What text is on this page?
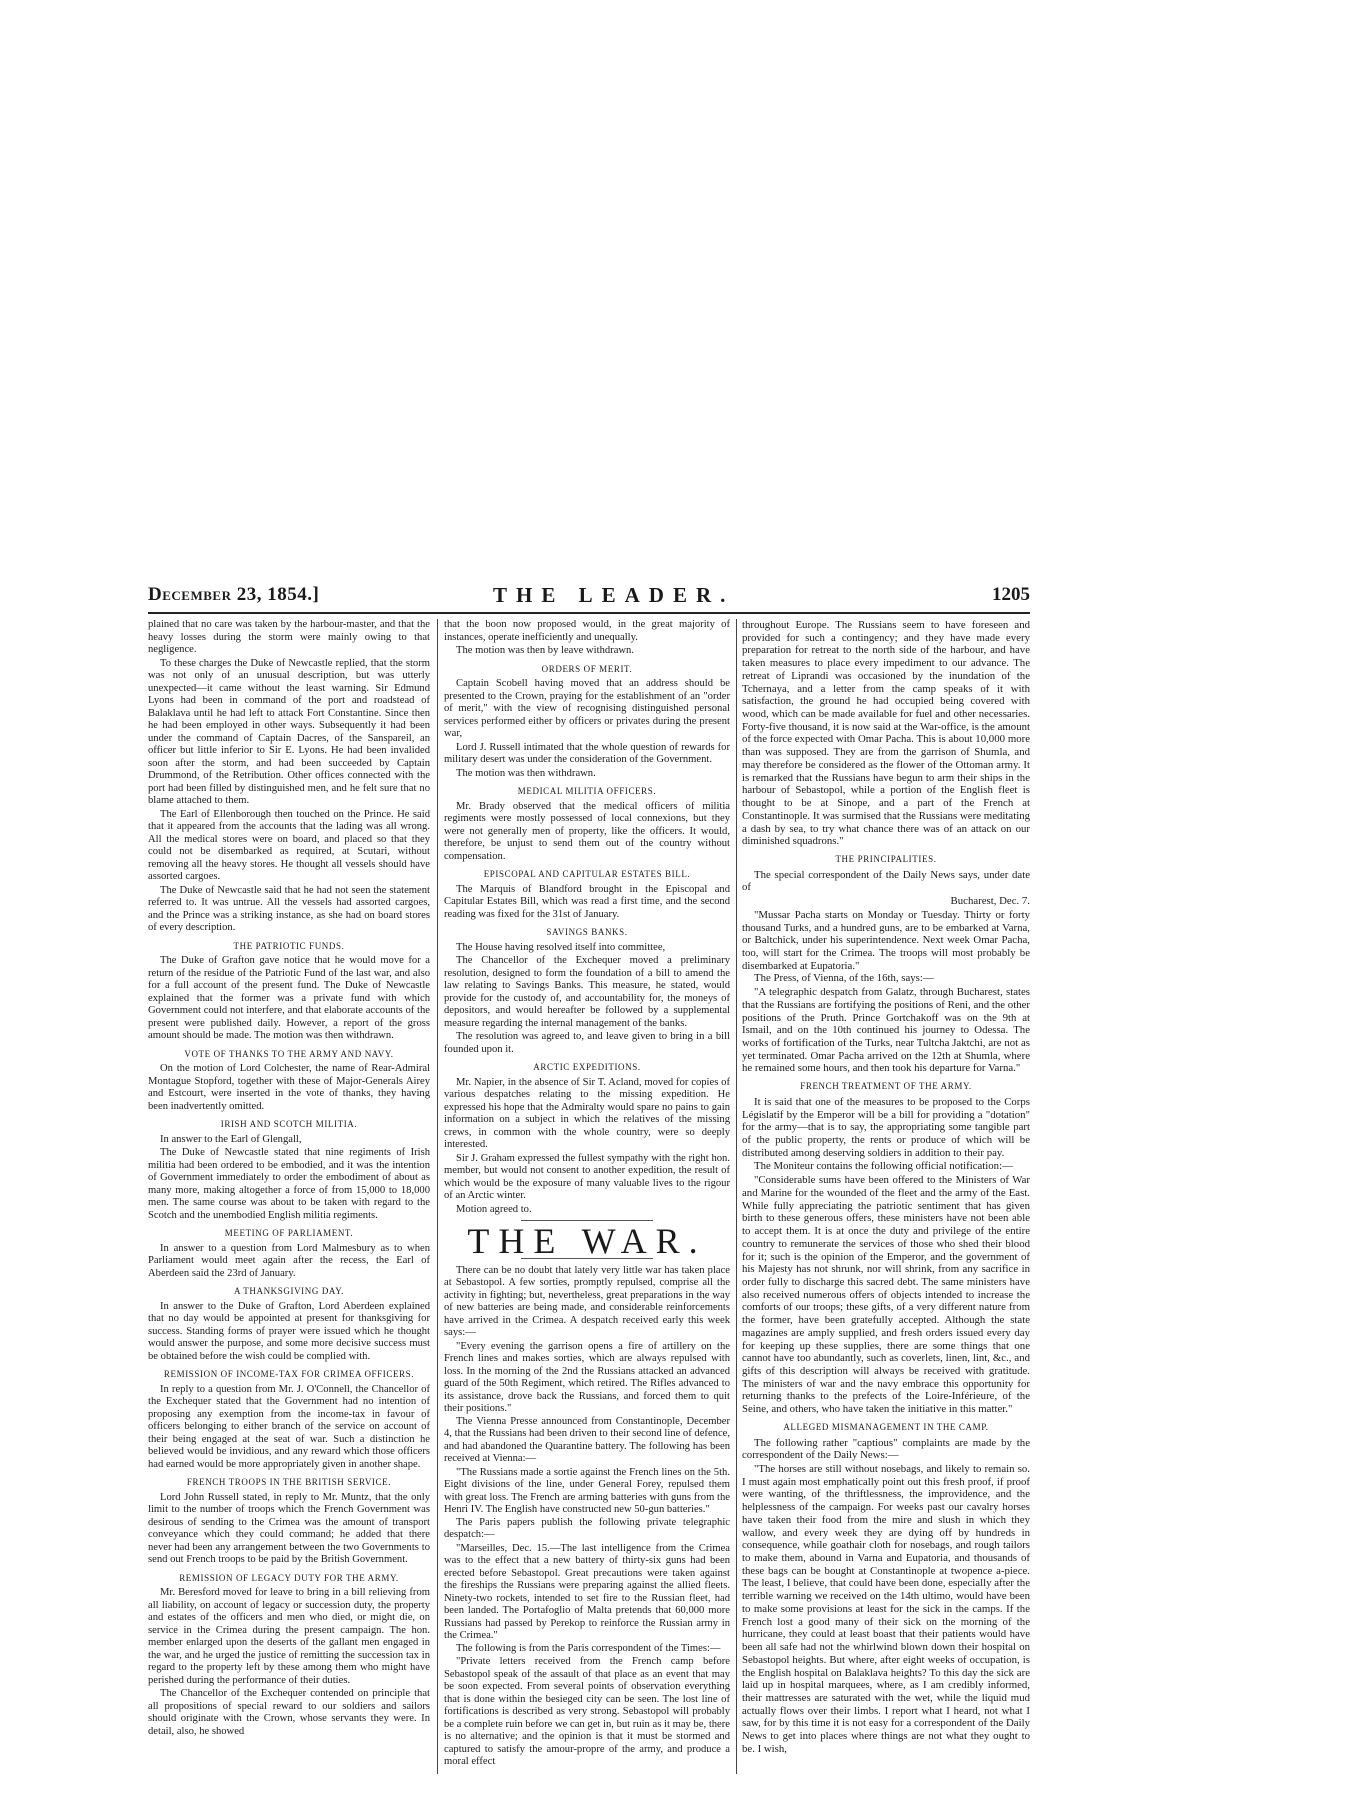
December 23, 1854.]	THE LEADER.	1205

plained that no care was taken by the harbour-master, and that the heavy losses during the storm were mainly owing to that negligence.

To these charges the Duke of Newcastle replied, that the storm was not only of an unusual description, but was utterly unexpected—it came without the least warning. Sir Edmund Lyons had been in command of the port and roadstead of Balaklava until he had left to attack Fort Constantine. Since then he had been employed in other ways. Subsequently it had been under the command of Captain Dacres, of the Sanspareil, an officer but little inferior to Sir E. Lyons. He had been invalided soon after the storm, and had been succeeded by Captain Drummond, of the Retribution. Other offices connected with the port had been filled by distinguished men, and he felt sure that no blame attached to them.

The Earl of Ellenborough then touched on the Prince. He said that it appeared from the accounts that the lading was all wrong. All the medical stores were on board, and placed so that they could not be disembarked as required, at Scutari, without removing all the heavy stores. He thought all vessels should have assorted cargoes.

The Duke of Newcastle said that he had not seen the statement referred to. It was untrue. All the vessels had assorted cargoes, and the Prince was a striking instance, as she had on board stores of every description.

THE PATRIOTIC FUNDS.

The Duke of Grafton gave notice that he would move for a return of the residue of the Patriotic Fund of the last war, and also for a full account of the present fund. The Duke of Newcastle explained that the former was a private fund with which Government could not interfere, and that elaborate accounts of the present were published daily. However, a report of the gross amount should be made. The motion was then withdrawn.

VOTE OF THANKS TO THE ARMY AND NAVY.

On the motion of Lord Colchester, the name of Rear-Admiral Montague Stopford, together with these of Major-Generals Airey and Estcourt, were inserted in the vote of thanks, they having been inadvertently omitted.

IRISH AND SCOTCH MILITIA.

In answer to the Earl of Glengall,

The Duke of Newcastle stated that nine regiments of Irish militia had been ordered to be embodied, and it was the intention of Government immediately to order the embodiment of about as many more, making altogether a force of from 15,000 to 18,000 men. The same course was about to be taken with regard to the Scotch and the unembodied English militia regiments.

MEETING OF PARLIAMENT.

In answer to a question from Lord Malmesbury as to when Parliament would meet again after the recess, the Earl of Aberdeen said the 23rd of January.

A THANKSGIVING DAY.

In answer to the Duke of Grafton, Lord Aberdeen explained that no day would be appointed at present for thanksgiving for success. Standing forms of prayer were issued which he thought would answer the purpose, and some more decisive success must be obtained before the wish could be complied with.

REMISSION OF INCOME-TAX FOR CRIMEA OFFICERS.

In reply to a question from Mr. J. O'Connell, the Chancellor of the Exchequer stated that the Government had no intention of proposing any exemption from the income-tax in favour of officers belonging to either branch of the service on account of their being engaged at the seat of war. Such a distinction he believed would be invidious, and any reward which those officers had earned would be more appropriately given in another shape.

FRENCH TROOPS IN THE BRITISH SERVICE.

Lord John Russell stated, in reply to Mr. Muntz, that the only limit to the number of troops which the French Government was desirous of sending to the Crimea was the amount of transport conveyance which they could command; he added that there never had been any arrangement between the two Governments to send out French troops to be paid by the British Government.

REMISSION OF LEGACY DUTY FOR THE ARMY.

Mr. Beresford moved for leave to bring in a bill relieving from all liability, on account of legacy or succession duty, the property and estates of the officers and men who died, or might die, on service in the Crimea during the present campaign. The hon. member enlarged upon the deserts of the gallant men engaged in the war, and he urged the justice of remitting the succession tax in regard to the property left by these among them who might have perished during the performance of their duties.

The Chancellor of the Exchequer contended on principle that all propositions of special reward to our soldiers and sailors should originate with the Crown, whose servants they were. In detail, also, he showed

that the boon now proposed would, in the great majority of instances, operate inefficiently and unequally.

The motion was then by leave withdrawn.

ORDERS OF MERIT.

Captain Scobell having moved that an address should be presented to the Crown, praying for the establishment of an "order of merit," with the view of recognising distinguished personal services performed either by officers or privates during the present war,

Lord J. Russell intimated that the whole question of rewards for military desert was under the consideration of the Government.

The motion was then withdrawn.

MEDICAL MILITIA OFFICERS.

Mr. Brady observed that the medical officers of militia regiments were mostly possessed of local connexions, but they were not generally men of property, like the officers. It would, therefore, be unjust to send them out of the country without compensation.

EPISCOPAL AND CAPITULAR ESTATES BILL.

The Marquis of Blandford brought in the Episcopal and Capitular Estates Bill, which was read a first time, and the second reading was fixed for the 31st of January.

SAVINGS BANKS.

The House having resolved itself into committee,

The Chancellor of the Exchequer moved a preliminary resolution, designed to form the foundation of a bill to amend the law relating to Savings Banks. This measure, he stated, would provide for the custody of, and accountability for, the moneys of depositors, and would hereafter be followed by a supplemental measure regarding the internal management of the banks.

The resolution was agreed to, and leave given to bring in a bill founded upon it.

ARCTIC EXPEDITIONS.

Mr. Napier, in the absence of Sir T. Acland, moved for copies of various despatches relating to the missing expedition. He expressed his hope that the Admiralty would spare no pains to gain information on a subject in which the relatives of the missing crews, in common with the whole country, were so deeply interested.

Sir J. Graham expressed the fullest sympathy with the right hon. member, but would not consent to another expedition, the result of which would be the exposure of many valuable lives to the rigour of an Arctic winter.

Motion agreed to.

THE WAR.

There can be no doubt that lately very little war has taken place at Sebastopol. A few sorties, promptly repulsed, comprise all the activity in fighting; but, nevertheless, great preparations in the way of new batteries are being made, and considerable reinforcements have arrived in the Crimea. A despatch received early this week says:—

"Every evening the garrison opens a fire of artillery on the French lines and makes sorties, which are always repulsed with loss. In the morning of the 2nd the Russians attacked an advanced guard of the 50th Regiment, which retired. The Rifles advanced to its assistance, drove back the Russians, and forced them to quit their positions."

The Vienna Presse announced from Constantinople, December 4, that the Russians had been driven to their second line of defence, and had abandoned the Quarantine battery. The following has been received at Vienna:—

"The Russians made a sortie against the French lines on the 5th. Eight divisions of the line, under General Forey, repulsed them with great loss. The French are arming batteries with guns from the Henri IV. The English have constructed new 50-gun batteries."

The Paris papers publish the following private telegraphic despatch:—

"Marseilles, Dec. 15.—The last intelligence from the Crimea was to the effect that a new battery of thirty-six guns had been erected before Sebastopol. Great precautions were taken against the fireships the Russians were preparing against the allied fleets. Ninety-two rockets, intended to set fire to the Russian fleet, had been landed. The Portafoglio of Malta pretends that 60,000 more Russians had passed by Perekop to reinforce the Russian army in the Crimea."

The following is from the Paris correspondent of the Times:—

"Private letters received from the French camp before Sebastopol speak of the assault of that place as an event that may be soon expected. From several points of observation everything that is done within the besieged city can be seen. The lost line of fortifications is described as very strong. Sebastopol will probably be a complete ruin before we can get in, but ruin as it may be, there is no alternative; and the opinion is that it must be stormed and captured to satisfy the amour-propre of the army, and produce a moral effect

throughout Europe. The Russians seem to have foreseen and provided for such a contingency; and they have made every preparation for retreat to the north side of the harbour, and have taken measures to place every impediment to our advance. The retreat of Liprandi was occasioned by the inundation of the Tchernaya, and a letter from the camp speaks of it with satisfaction, the ground he had occupied being covered with wood, which can be made available for fuel and other necessaries. Forty-five thousand, it is now said at the War-office, is the amount of the force expected with Omar Pacha. This is about 10,000 more than was supposed. They are from the garrison of Shumla, and may therefore be considered as the flower of the Ottoman army. It is remarked that the Russians have begun to arm their ships in the harbour of Sebastopol, while a portion of the English fleet is thought to be at Sinope, and a part of the French at Constantinople. It was surmised that the Russians were meditating a dash by sea, to try what chance there was of an attack on our diminished squadrons."

THE PRINCIPALITIES.

The special correspondent of the Daily News says, under date of

Bucharest, Dec. 7.

"Mussar Pacha starts on Monday or Tuesday. Thirty or forty thousand Turks, and a hundred guns, are to be embarked at Varna, or Baltchick, under his superintendence. Next week Omar Pacha, too, will start for the Crimea. The troops will most probably be disembarked at Eupatoria."

The Press, of Vienna, of the 16th, says:—

"A telegraphic despatch from Galatz, through Bucharest, states that the Russians are fortifying the positions of Reni, and the other positions of the Pruth. Prince Gortchakoff was on the 9th at Ismail, and on the 10th continued his journey to Odessa. The works of fortification of the Turks, near Tultcha Jaktchi, are not as yet terminated. Omar Pacha arrived on the 12th at Shumla, where he remained some hours, and then took his departure for Varna."
FRENCH TREATMENT OF THE ARMY.

It is said that one of the measures to be proposed to the Corps Législatif by the Emperor will be a bill for providing a "dotation" for the army—that is to say, the appropriating some tangible part of the public property, the rents or produce of which will be distributed among deserving soldiers in addition to their pay.

The Moniteur contains the following official notification:—

"Considerable sums have been offered to the Ministers of War and Marine for the wounded of the fleet and the army of the East. While fully appreciating the patriotic sentiment that has given birth to these generous offers, these ministers have not been able to accept them. It is at once the duty and privilege of the entire country to remunerate the services of those who shed their blood for it; such is the opinion of the Emperor, and the government of his Majesty has not shrunk, nor will shrink, from any sacrifice in order fully to discharge this sacred debt. The same ministers have also received numerous offers of objects intended to increase the comforts of our troops; these gifts, of a very different nature from the former, have been gratefully accepted. Although the state magazines are amply supplied, and fresh orders issued every day for keeping up these supplies, there are some things that one cannot have too abundantly, such as coverlets, linen, lint, &c., and gifts of this description will always be received with gratitude. The ministers of war and the navy embrace this opportunity for returning thanks to the prefects of the Loire-Inférieure, of the Seine, and others, who have taken the initiative in this matter."
ALLEGED MISMANAGEMENT IN THE CAMP.

The following rather "captious" complaints are made by the correspondent of the Daily News:—

"The horses are still without nosebags, and likely to remain so. I must again most emphatically point out this fresh proof, if proof were wanting, of the thriftlessness, the improvidence, and the helplessness of the campaign. For weeks past our cavalry horses have taken their food from the mire and slush in which they wallow, and every week they are dying off by hundreds in consequence, while goathair cloth for nosebags, and rough tailors to make them, abound in Varna and Eupatoria, and thousands of these bags can be bought at Constantinople at twopence a-piece. The least, I believe, that could have been done, especially after the terrible warning we received on the 14th ultimo, would have been to make some provisions at least for the sick in the camps. If the French lost a good many of their sick on the morning of the hurricane, they could at least boast that their patients would have been all safe had not the whirlwind blown down their hospital on Sebastopol heights. But where, after eight weeks of occupation, is the English hospital on Balaklava heights? To this day the sick are laid up in hospital marquees, where, as I am credibly informed, their mattresses are saturated with the wet, while the liquid mud actually flows over their limbs. I report what I heard, not what I saw, for by this time it is not easy for a correspondent of the Daily News to get into places where things are not what they ought to be. I wish,
